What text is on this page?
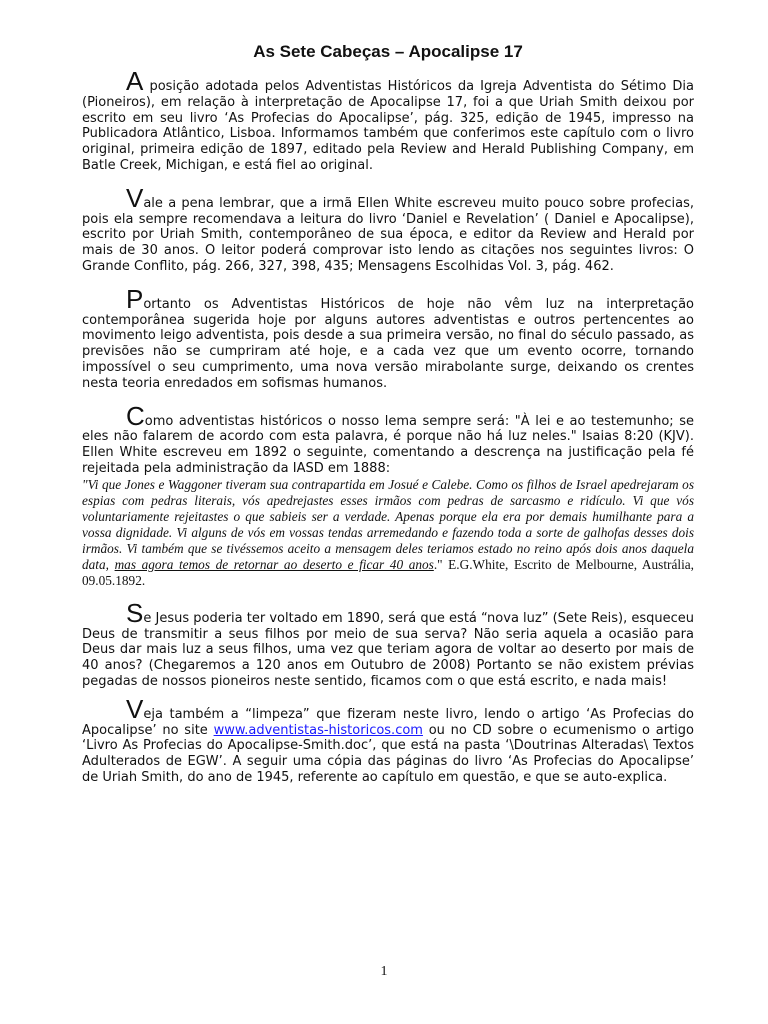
As Sete Cabeças – Apocalipse 17

A posição adotada pelos Adventistas Históricos da Igreja Adventista do Sétimo Dia (Pioneiros), em relação à interpretação de Apocalipse 17, foi a que Uriah Smith deixou por escrito em seu livro ‘As Profecias do Apocalipse’, pág. 325, edição de 1945, impresso na Publicadora Atlântico, Lisboa. Informamos também que conferimos este capítulo com o livro original, primeira edição de 1897, editado pela Review and Herald Publishing Company, em Batle Creek, Michigan, e está fiel ao original.

Vale a pena lembrar, que a irmã Ellen White escreveu muito pouco sobre profecias, pois ela sempre recomendava a leitura do livro ‘Daniel e Revelation’ ( Daniel e Apocalipse), escrito por Uriah Smith, contemporâneo de sua época, e editor da Review and Herald por mais de 30 anos. O leitor poderá comprovar isto lendo as citações nos seguintes livros: O Grande Conflito, pág. 266, 327, 398, 435; Mensagens Escolhidas Vol. 3, pág. 462.

Portanto os Adventistas Históricos de hoje não vêm luz na interpretação contemporânea sugerida hoje por alguns autores adventistas e outros pertencentes ao movimento leigo adventista, pois desde a sua primeira versão, no final do século passado, as previsões não se cumpriram até hoje, e a cada vez que um evento ocorre, tornando impossível o seu cumprimento, uma nova versão mirabolante surge, deixando os crentes nesta teoria enredados em sofismas humanos.

Como adventistas históricos o nosso lema sempre será: "À lei e ao testemunho; se eles não falarem de acordo com esta palavra, é porque não há luz neles." Isaias 8:20 (KJV). Ellen White escreveu em 1892 o seguinte, comentando a descrença na justificação pela fé rejeitada pela administração da IASD em 1888:

"Vi que Jones e Waggoner tiveram sua contrapartida em Josué e Calebe. Como os filhos de Israel apedrejaram os espias com pedras literais, vós apedrejastes esses irmãos com pedras de sarcasmo e ridículo. Vi que vós voluntariamente rejeitastes o que sabieis ser a verdade. Apenas porque ela era por demais humilhante para a vossa dignidade. Vi alguns de vós em vossas tendas arremedando e fazendo toda a sorte de galhofas desses dois irmãos. Vi também que se tivéssemos aceito a mensagem deles teriamos estado no reino após dois anos daquela data, mas agora temos de retornar ao deserto e ficar 40 anos." E.G.White, Escrito de Melbourne, Austrália, 09.05.1892.

Se Jesus poderia ter voltado em 1890, será que está “nova luz” (Sete Reis), esqueceu Deus de transmitir a seus filhos por meio de sua serva? Não seria aquela a ocasião para Deus dar mais luz a seus filhos, uma vez que teriam agora de voltar ao deserto por mais de 40 anos? (Chegaremos a 120 anos em Outubro de 2008) Portanto se não existem prévias pegadas de nossos pioneiros neste sentido, ficamos com o que está escrito, e nada mais!

Veja também a “limpeza” que fizeram neste livro, lendo o artigo ‘As Profecias do Apocalipse’ no site www.adventistas-historicos.com ou no CD sobre o ecumenismo o artigo ‘Livro As Profecias do Apocalipse-Smith.doc’, que está na pasta ‘\Doutrinas Alteradas\ Textos Adulterados de EGW’. A seguir uma cópia das páginas do livro ‘As Profecias do Apocalipse’ de Uriah Smith, do ano de 1945, referente ao capítulo em questão, e que se auto-explica.

1
